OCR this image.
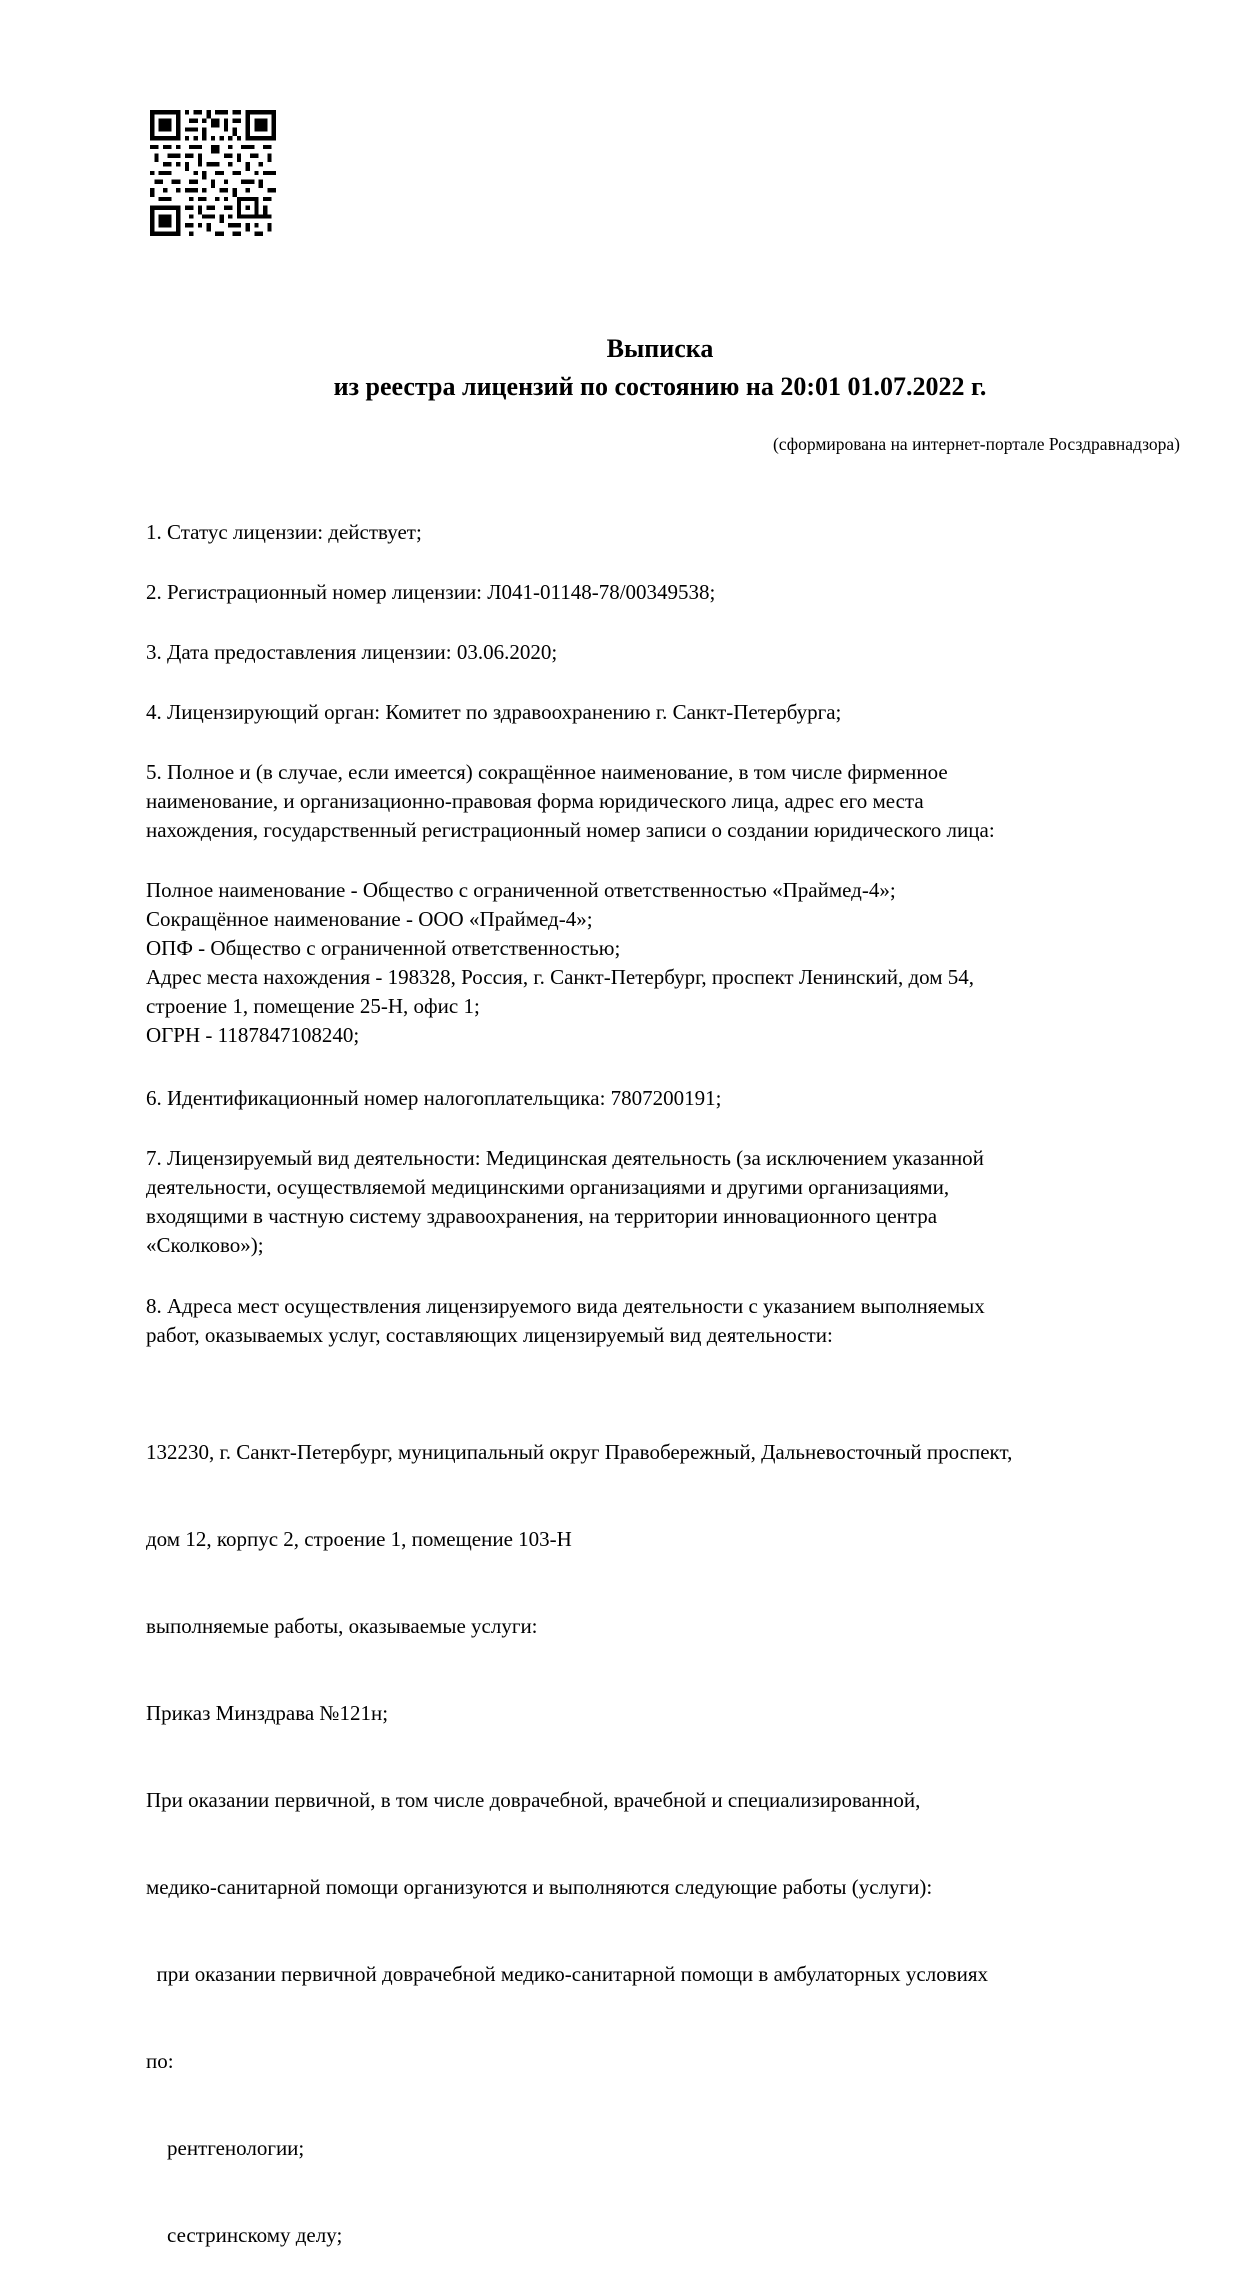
Выписка
из реестра лицензий по состоянию на 20:01 01.07.2022 г.
(сформирована на интернет-портале Росздравнадзора)
1. Статус лицензии: действует;
2. Регистрационный номер лицензии: Л041-01148-78/00349538;
3. Дата предоставления лицензии: 03.06.2020;
4. Лицензирующий орган: Комитет по здравоохранению г. Санкт-Петербурга;
5. Полное и (в случае, если имеется) сокращённое наименование, в том числе фирменное
наименование, и организационно-правовая форма юридического лица, адрес его места
нахождения, государственный регистрационный номер записи о создании юридического лица:
Полное наименование - Общество с ограниченной ответственностью «Праймед-4»;
Сокращённое наименование - ООО «Праймед-4»;
ОПФ - Общество с ограниченной ответственностью;
Адрес места нахождения - 198328, Россия, г. Санкт-Петербург, проспект Ленинский, дом 54,
строение 1, помещение 25-Н, офис 1;
ОГРН - 1187847108240;
6. Идентификационный номер налогоплательщика: 7807200191;
7. Лицензируемый вид деятельности: Медицинская деятельность (за исключением указанной
деятельности, осуществляемой медицинскими организациями и другими организациями,
входящими в частную систему здравоохранения, на территории инновационного центра
«Сколково»);
8. Адреса мест осуществления лицензируемого вида деятельности с указанием выполняемых
работ, оказываемых услуг, составляющих лицензируемый вид деятельности:

132230, г. Санкт-Петербург, муниципальный округ Правобережный, Дальневосточный проспект,

дом 12, корпус 2, строение 1, помещение 103-Н

выполняемые работы, оказываемые услуги:

Приказ Минздрава №121н;

При оказании первичной, в том числе доврачебной, врачебной и специализированной,

медико-санитарной помощи организуются и выполняются следующие работы (услуги):

при оказании первичной доврачебной медико-санитарной помощи в амбулаторных условиях

по:

рентгенологии;

сестринскому делу;
